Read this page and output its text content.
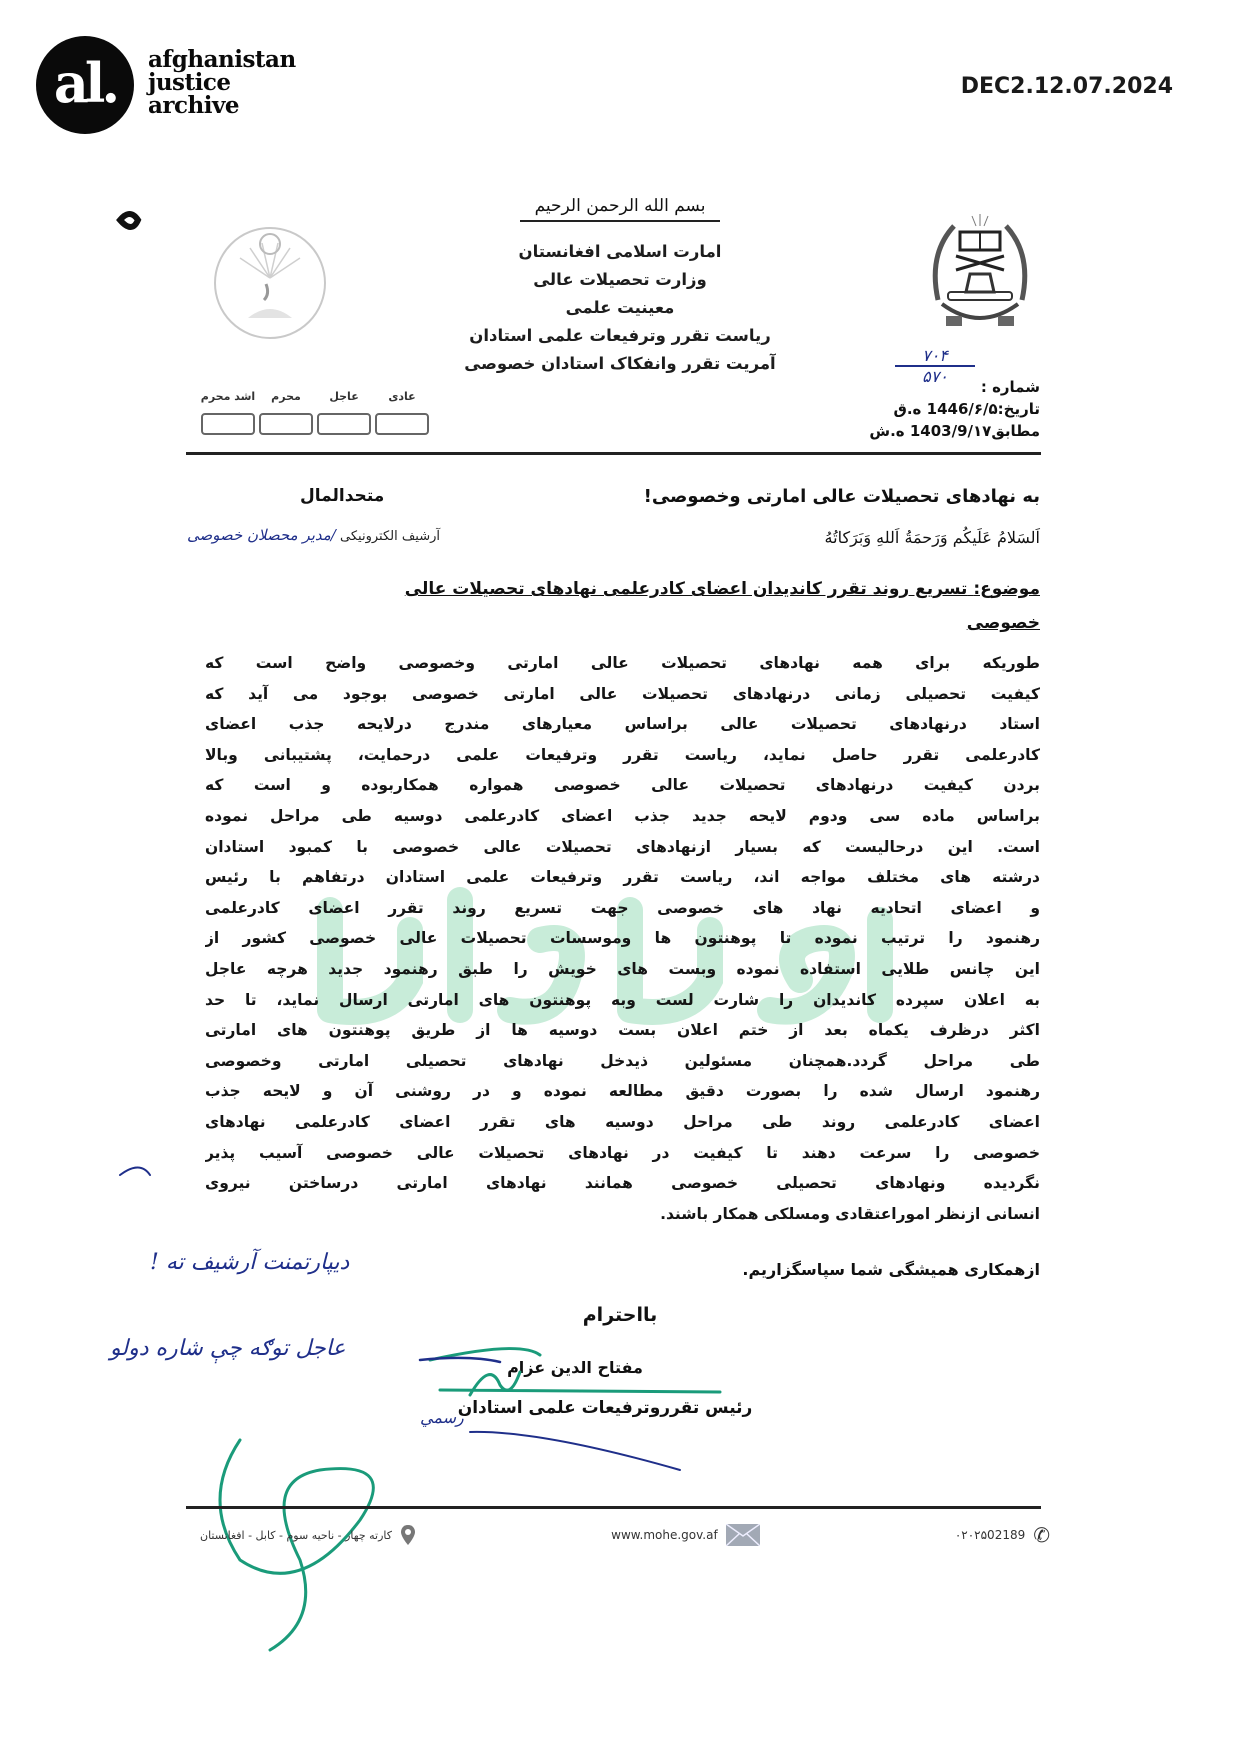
al. afghanistan
justice
archive
DEC2.12.07.2024
بسم الله الرحمن الرحیم
امارت اسلامی افغانستان
وزارت تحصیلات عالی
معینیت علمی
ریاست تقرر وترفیعات علمی استادان
آمریت تقرر وانفکاک استادان خصوصی
عادی
عاجل
محرم
اشد محرم
۷۰۴
۵۷۰
شماره :
تاریخ:1446/۶/۵ ه.ق
مطابق1403/9/۱۷ ه.ش
به نهادهای تحصیلات عالی امارتی وخصوصی!
متحدالمال
اَلسَلامُ عَلَیکُم وَرَحمَةُ اَللهِ وَبَرَکاتُهُ
آرشیف الکترونیکی /مدیر محصلان خصوصی
موضوع: تسریع روند تقرر کاندیدان اعضای کادرعلمی نهادهای تحصیلات عالی
خصوصی
طوریکه برای همه نهادهای تحصیلات عالی امارتی وخصوصی واضح است که
کیفیت تحصیلی زمانی درنهادهای تحصیلات عالی امارتی خصوصی بوجود می آید که
استاد درنهادهای تحصیلات عالی براساس معیارهای مندرج درلایحه جذب اعضای
کادرعلمی تقرر حاصل نماید، ریاست تقرر وترفیعات علمی درحمایت، پشتیبانی وبالا
بردن کیفیت درنهادهای تحصیلات عالی خصوصی همواره همکاربوده و است که
براساس ماده سی ودوم لایحه جدید جذب اعضای کادرعلمی دوسیه طی مراحل نموده
است. این درحالیست که بسیار ازنهادهای تحصیلات عالی خصوصی با کمبود استادان
درشته های مختلف مواجه اند، ریاست تقرر وترفیعات علمی استادان درتفاهم با رئیس
و اعضای اتحادیه نهاد های خصوصی جهت تسریع روند تقرر اعضای کادرعلمی
رهنمود را ترتیب نموده تا پوهنتون ها وموسسات تحصیلات عالی خصوصی کشور از
این چانس طلایی استفاده نموده وبست های خویش را طبق رهنمود جدید هرچه عاجل
به اعلان سپرده کاندیدان را شارت لست وبه پوهنتون های امارتی ارسال نماید، تا حد
اکثر درظرف یکماه بعد از ختم اعلان بست دوسیه ها از طریق پوهنتون های امارتی
طی مراحل گردد.همچنان مسئولین ذیدخل نهادهای تحصیلی امارتی وخصوصی
رهنمود ارسال شده را بصورت دقیق مطالعه نموده و در روشنی آن و لایحه جذب
اعضای کادرعلمی روند طی مراحل دوسیه های تقرر اعضای کادرعلمی نهادهای
خصوصی را سرعت دهند تا کیفیت در نهادهای تحصیلات عالی خصوصی آسیب پذیر
نگردیده ونهادهای تحصیلی خصوصی همانند نهادهای امارتی درساختن نیروی
انسانی ازنظر اموراعتقادی ومسلکی همکار باشند.
ازهمکاری همیشگی شما سپاسگزاریم.
بااحترام
مفتاح الدین عزام
رئیس تقرروترفیعات علمی استادان
دیپارتمنت آرشیف ته !
عاجل توګه چې شاره دولو
رسمي
کارته چهار - ناحیه سوم - کابل - افغانستان	www.mohe.gov.af	۰۲۰۲۵02189 ✆
